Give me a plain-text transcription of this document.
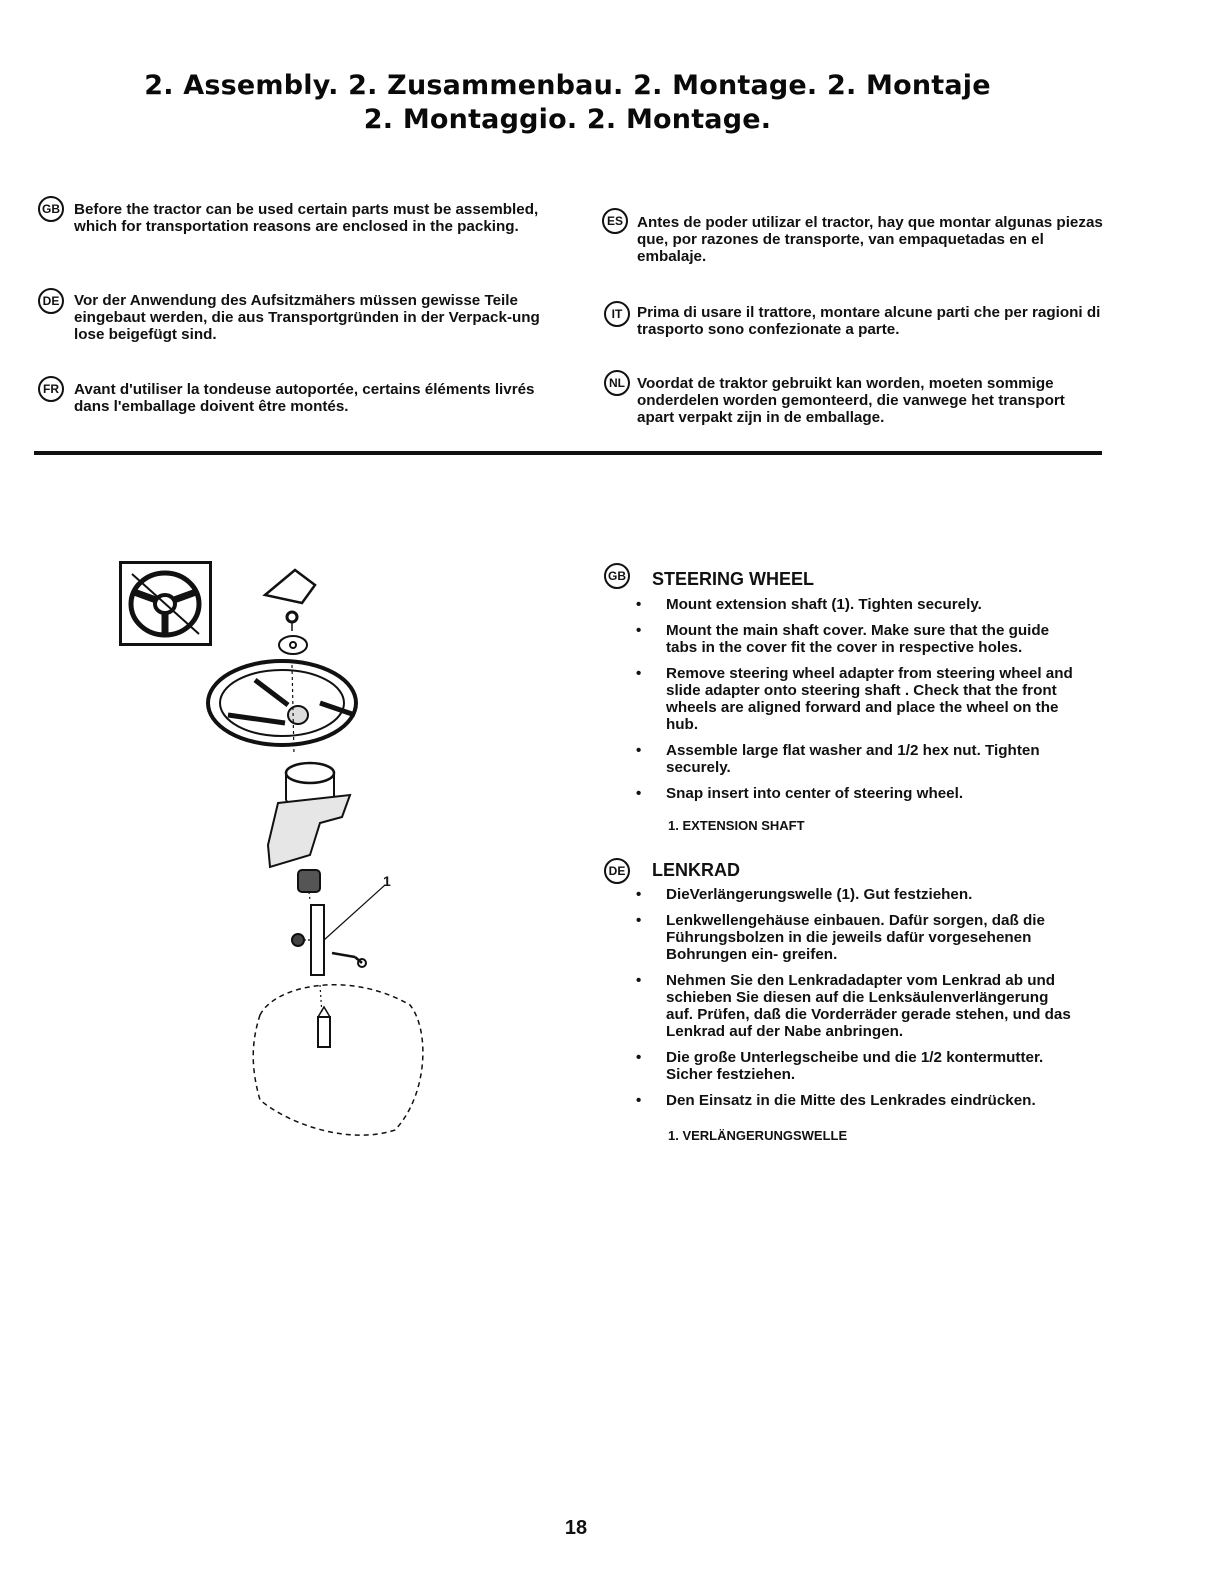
2. Assembly. 2. Zusammenbau. 2. Montage. 2. Montaje
2. Montaggio. 2. Montage.
GB Before the tractor can be used certain parts must be assembled, which for transportation reasons are enclosed in the packing.
DE Vor der Anwendung des Aufsitzmähers müssen gewisse Teile eingebaut werden, die aus Transportgründen in der Verpack-ung lose beigefügt sind.
FR Avant d'utiliser la tondeuse autoportée, certains éléments livrés dans l'emballage doivent être montés.
ES Antes de poder utilizar el tractor, hay que montar algunas piezas que, por razones de transporte, van empaquetadas en el embalaje.
IT Prima di usare il trattore, montare alcune parti che per ragioni di trasporto sono confezionate a parte.
NL Voordat de traktor gebruikt kan worden, moeten sommige onderdelen worden gemonteerd, die vanwege het transport apart verpakt zijn in de emballage.
1
GB STEERING WHEEL
• Mount extension shaft (1). Tighten securely.
• Mount the main shaft cover. Make sure that the guide tabs in the cover fit the cover in respective holes.
• Remove steering wheel adapter from steering wheel and slide adapter onto steering shaft . Check that the front wheels are aligned forward and place the wheel on the hub.
• Assemble large flat washer and 1/2 hex nut. Tighten securely.
• Snap insert into center of steering wheel.
1. EXTENSION SHAFT
DE LENKRAD
• DieVerlängerungswelle (1). Gut festziehen.
• Lenkwellengehäuse einbauen. Dafür sorgen, daß die Führungsbolzen in die jeweils dafür vorgesehenen Bohrungen ein- greifen.
• Nehmen Sie den Lenkradadapter vom Lenkrad ab und schieben Sie diesen auf die Lenksäulenverlängerung auf. Prüfen, daß die Vorderräder gerade stehen, und das Lenkrad auf der Nabe anbringen.
• Die große Unterlegscheibe und die 1/2 kontermutter. Sicher festziehen.
• Den Einsatz in die Mitte des Lenkrades eindrücken.
1. VERLÄNGERUNGSWELLE
18
